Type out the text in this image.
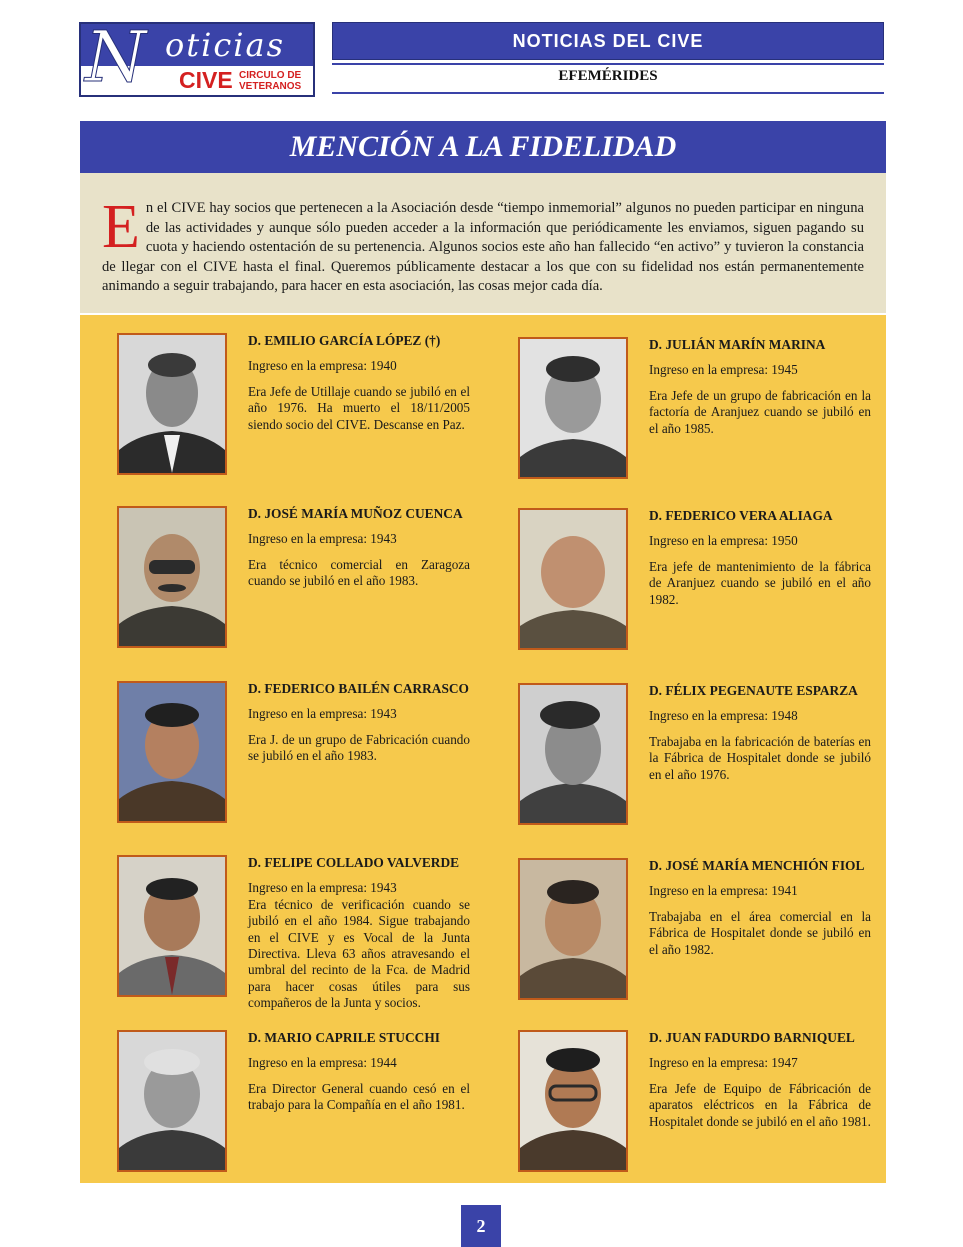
N oticias
CIVE CIRCULO DE
VETERANOS
NOTICIAS DEL CIVE
EFEMÉRIDES
MENCIÓN A LA FIDELIDAD

En el CIVE hay socios que pertenecen a la Asociación desde “tiempo inmemorial” algunos no pueden participar en ninguna de las actividades y aunque sólo pueden acceder a la información que periódicamente les enviamos, siguen pagando su cuota y haciendo ostentación de su pertenencia. Algunos socios este año han fallecido “en activo” y tuvieron la constancia de llegar con el CIVE hasta el final. Queremos públicamente destacar a los que con su fidelidad nos están permanentemente animando a seguir trabajando, para hacer en esta asociación, las cosas mejor cada día.

D. EMILIO GARCÍA LÓPEZ (†)
Ingreso en la empresa: 1940
Era Jefe de Utillaje cuando se jubiló en el año 1976. Ha muerto el 18/11/2005 siendo socio del CIVE. Descanse en Paz.
D. JULIÁN MARÍN MARINA
Ingreso en la empresa: 1945
Era Jefe de un grupo de fabricación en la factoría de Aranjuez cuando se jubiló en el año 1985.
D. JOSÉ MARÍA MUÑOZ CUENCA
Ingreso en la empresa: 1943
Era técnico comercial en Zaragoza cuando se jubiló en el año 1983.
D. FEDERICO VERA ALIAGA
Ingreso en la empresa: 1950
Era jefe de mantenimiento de la fábrica de Aranjuez cuando se jubiló en el año 1982.
D. FEDERICO BAILÉN CARRASCO
Ingreso en la empresa: 1943
Era J. de un grupo de Fabricación cuando se jubiló en el año 1983.
D. FÉLIX PEGENAUTE ESPARZA
Ingreso en la empresa: 1948
Trabajaba en la fabricación de baterías en la Fábrica de Hospitalet donde se jubiló en el año 1976.
D. FELIPE COLLADO VALVERDE
Ingreso en la empresa: 1943
Era técnico de verificación cuando se jubiló en el año 1984. Sigue trabajando en el CIVE y es Vocal de la Junta Directiva. Lleva 63 años atravesando el umbral del recinto de la Fca. de Madrid para hacer cosas útiles para sus compañeros de la Junta y socios.
D. JOSÉ MARÍA MENCHIÓN FIOL
Ingreso en la empresa: 1941
Trabajaba en el área comercial en la Fábrica de Hospitalet donde se jubiló en el año 1982.
D. MARIO CAPRILE STUCCHI
Ingreso en la empresa: 1944
Era Director General cuando cesó en el trabajo para la Compañía en el año 1981.
D. JUAN FADURDO BARNIQUEL
Ingreso en la empresa: 1947
Era Jefe de Equipo de Fábricación de aparatos eléctricos en la Fábrica de Hospitalet donde se jubiló en el año 1981.
2
